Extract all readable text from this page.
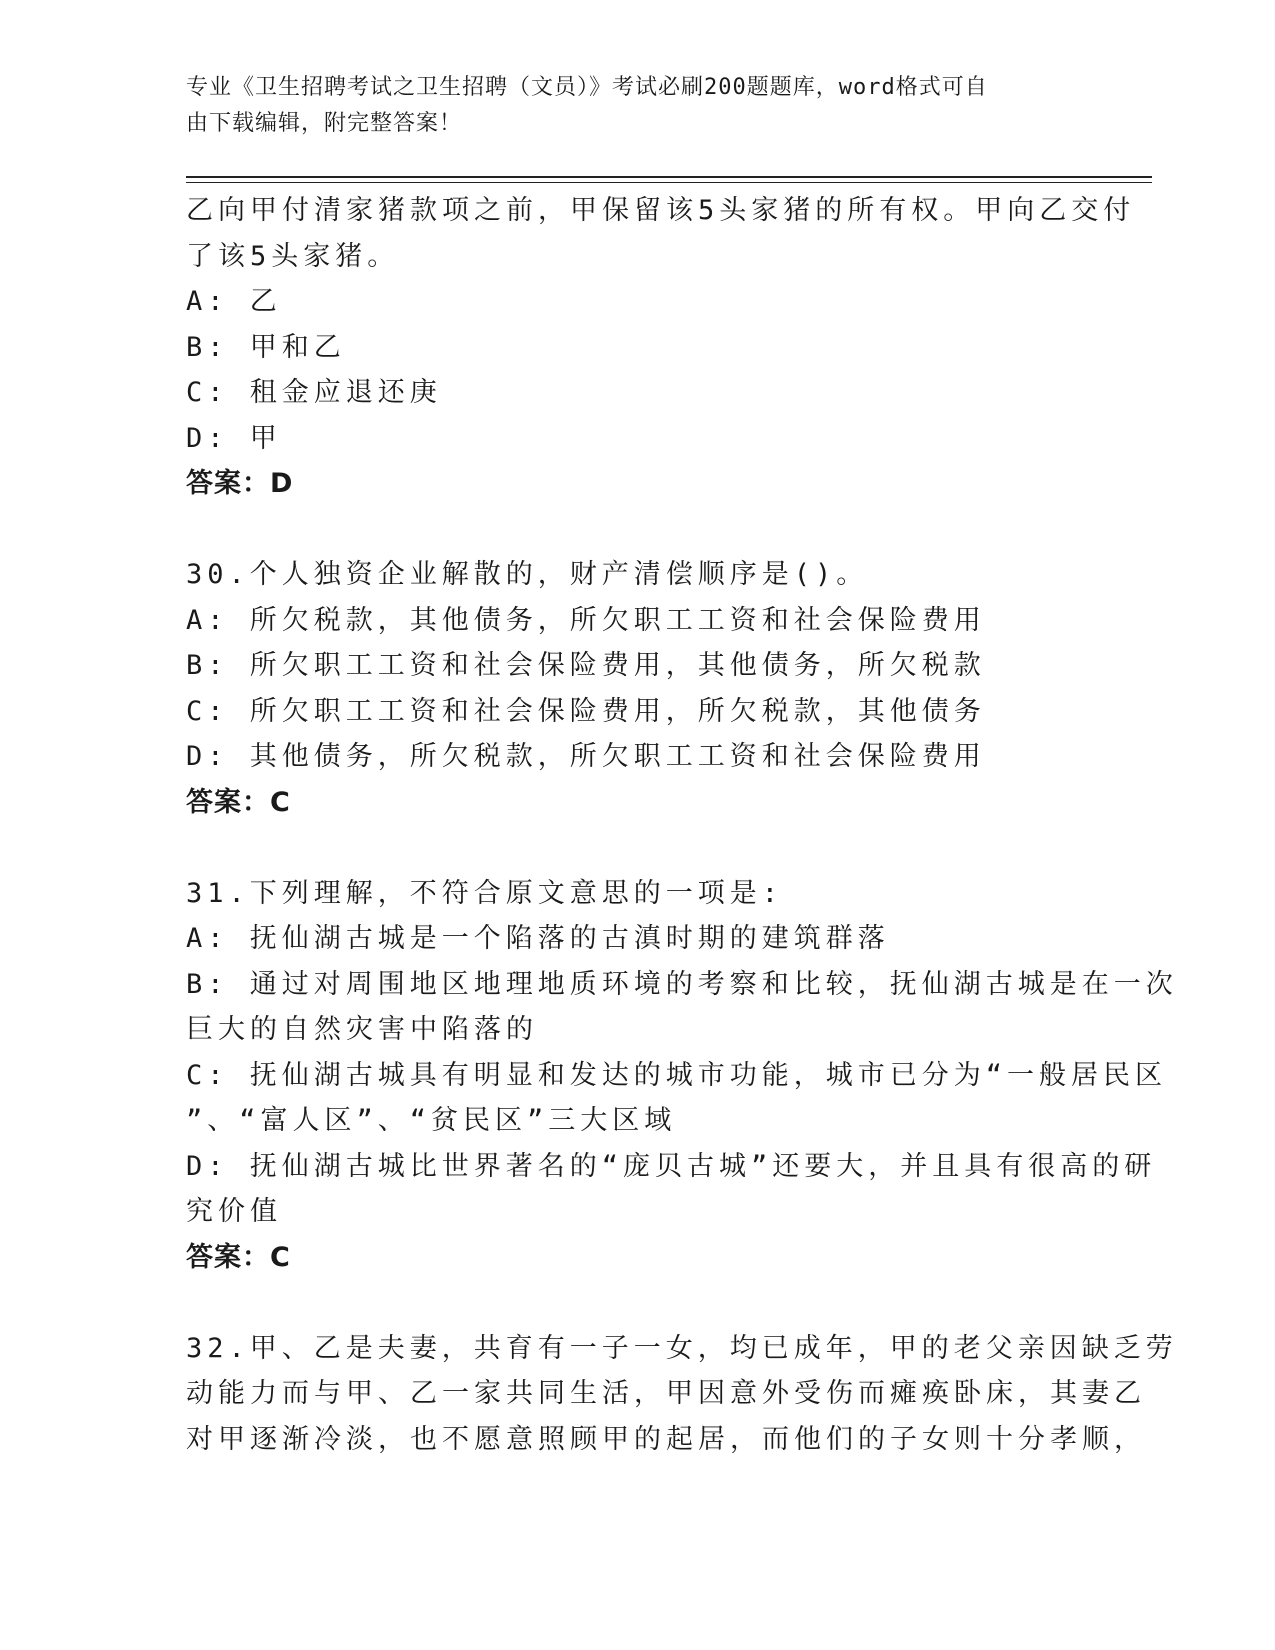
专业《卫生招聘考试之卫生招聘（文员）》考试必刷200题题库，word格式可自
由下载编辑，附完整答案！
乙向甲付清家猪款项之前，甲保留该5头家猪的所有权。甲向乙交付
了该5头家猪。
A: 乙
B: 甲和乙
C: 租金应退还庚
D: 甲
答案：D
30.个人独资企业解散的，财产清偿顺序是()。
A: 所欠税款，其他债务，所欠职工工资和社会保险费用
B: 所欠职工工资和社会保险费用，其他债务，所欠税款
C: 所欠职工工资和社会保险费用，所欠税款，其他债务
D: 其他债务，所欠税款，所欠职工工资和社会保险费用
答案：C
31.下列理解，不符合原文意思的一项是:
A: 抚仙湖古城是一个陷落的古滇时期的建筑群落
B: 通过对周围地区地理地质环境的考察和比较，抚仙湖古城是在一次
巨大的自然灾害中陷落的
C: 抚仙湖古城具有明显和发达的城市功能，城市已分为“一般居民区
”、“富人区”、“贫民区”三大区域
D: 抚仙湖古城比世界著名的“庞贝古城”还要大，并且具有很高的研
究价值
答案：C
32.甲、乙是夫妻，共育有一子一女，均已成年，甲的老父亲因缺乏劳
动能力而与甲、乙一家共同生活，甲因意外受伤而瘫痪卧床，其妻乙
对甲逐渐冷淡，也不愿意照顾甲的起居，而他们的子女则十分孝顺，
